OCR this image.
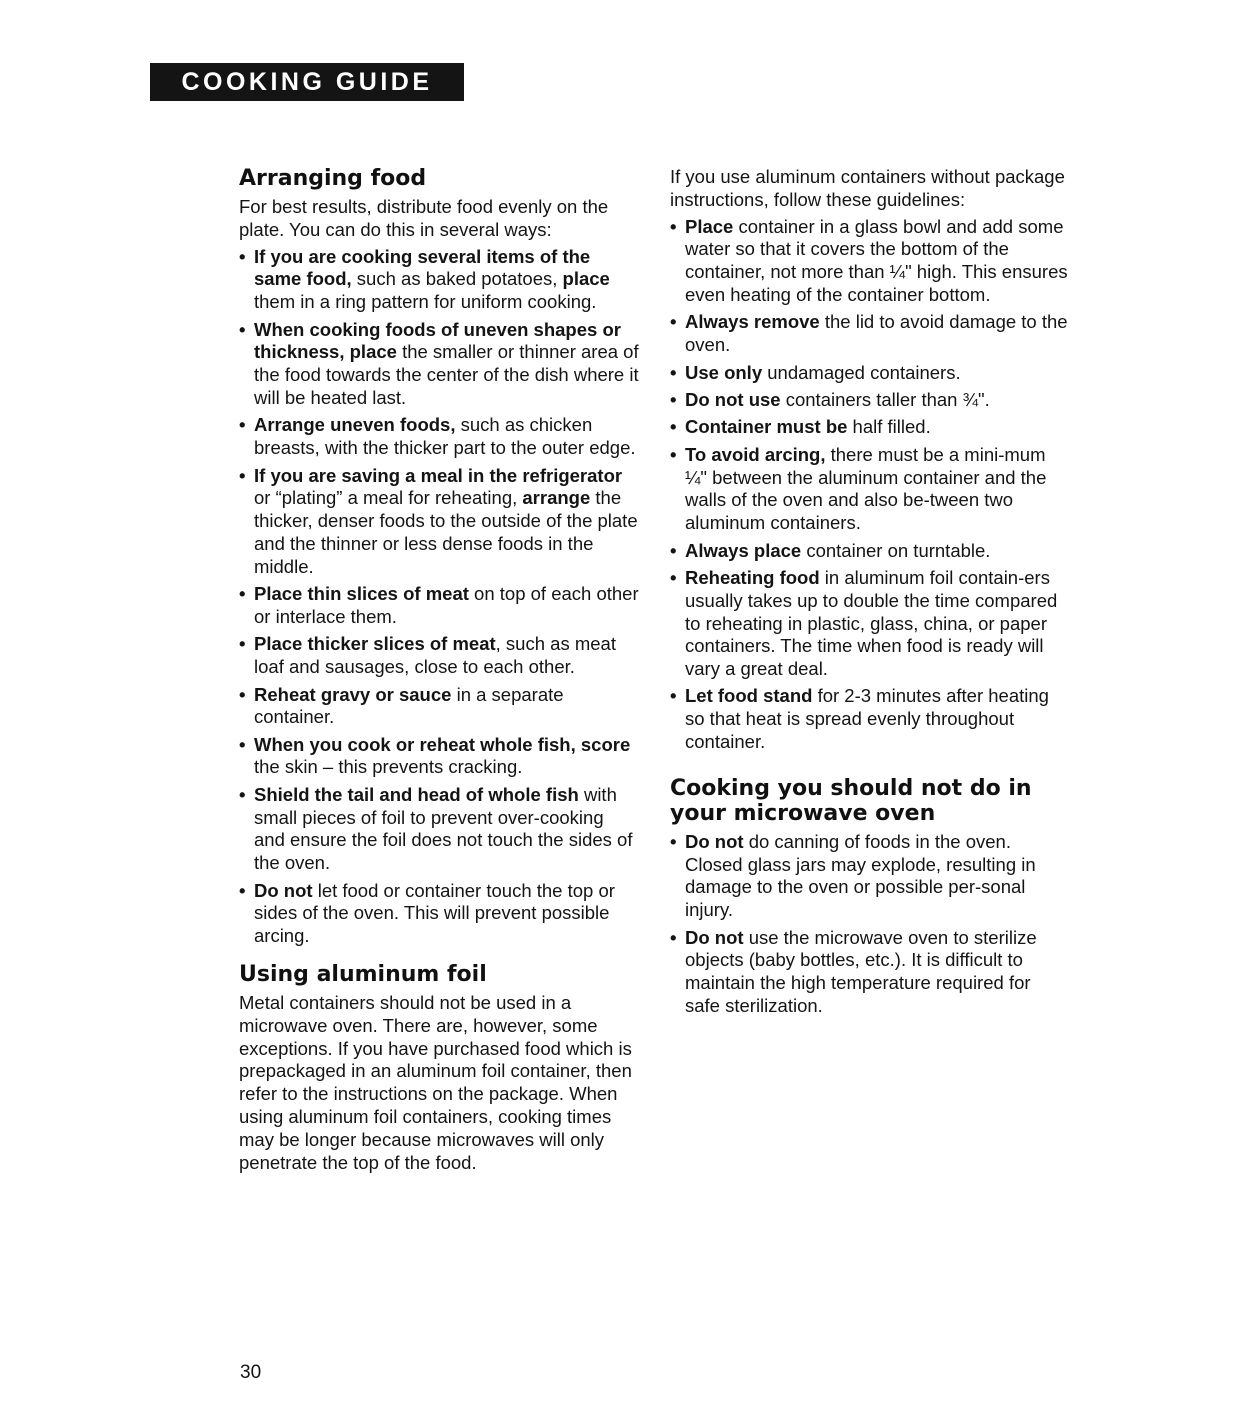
COOKING GUIDE
Arranging food

For best results, distribute food evenly on the plate. You can do this in several ways:

• If you are cooking several items of the same food, such as baked potatoes, place them in a ring pattern for uniform cooking.
• When cooking foods of uneven shapes or thickness, place the smaller or thinner area of the food towards the center of the dish where it will be heated last.
• Arrange uneven foods, such as chicken breasts, with the thicker part to the outer edge.
• If you are saving a meal in the refrigerator or “plating” a meal for reheating, arrange the thicker, denser foods to the outside of the plate and the thinner or less dense foods in the middle.
• Place thin slices of meat on top of each other or interlace them.
• Place thicker slices of meat, such as meat loaf and sausages, close to each other.
• Reheat gravy or sauce in a separate container.
• When you cook or reheat whole fish, score the skin – this prevents cracking.
• Shield the tail and head of whole fish with small pieces of foil to prevent over-cooking and ensure the foil does not touch the sides of the oven.
• Do not let food or container touch the top or sides of the oven. This will prevent possible arcing.
Using aluminum foil

Metal containers should not be used in a microwave oven. There are, however, some exceptions. If you have purchased food which is prepackaged in an aluminum foil container, then refer to the instructions on the package. When using aluminum foil containers, cooking times may be longer because microwaves will only penetrate the top of the food.

If you use aluminum containers without package instructions, follow these guidelines:

• Place container in a glass bowl and add some water so that it covers the bottom of the container, not more than ¼" high. This ensures even heating of the container bottom.
• Always remove the lid to avoid damage to the oven.
• Use only undamaged containers.
• Do not use containers taller than ¾".
• Container must be half filled.
• To avoid arcing, there must be a mini-mum ¼" between the aluminum container and the walls of the oven and also be-tween two aluminum containers.
• Always place container on turntable.
• Reheating food in aluminum foil contain-ers usually takes up to double the time compared to reheating in plastic, glass, china, or paper containers. The time when food is ready will vary a great deal.
• Let food stand for 2-3 minutes after heating so that heat is spread evenly throughout container.
Cooking you should not do in your microwave oven
• Do not do canning of foods in the oven. Closed glass jars may explode, resulting in damage to the oven or possible per-sonal injury.
• Do not use the microwave oven to sterilize objects (baby bottles, etc.). It is difficult to maintain the high temperature required for safe sterilization.
30
